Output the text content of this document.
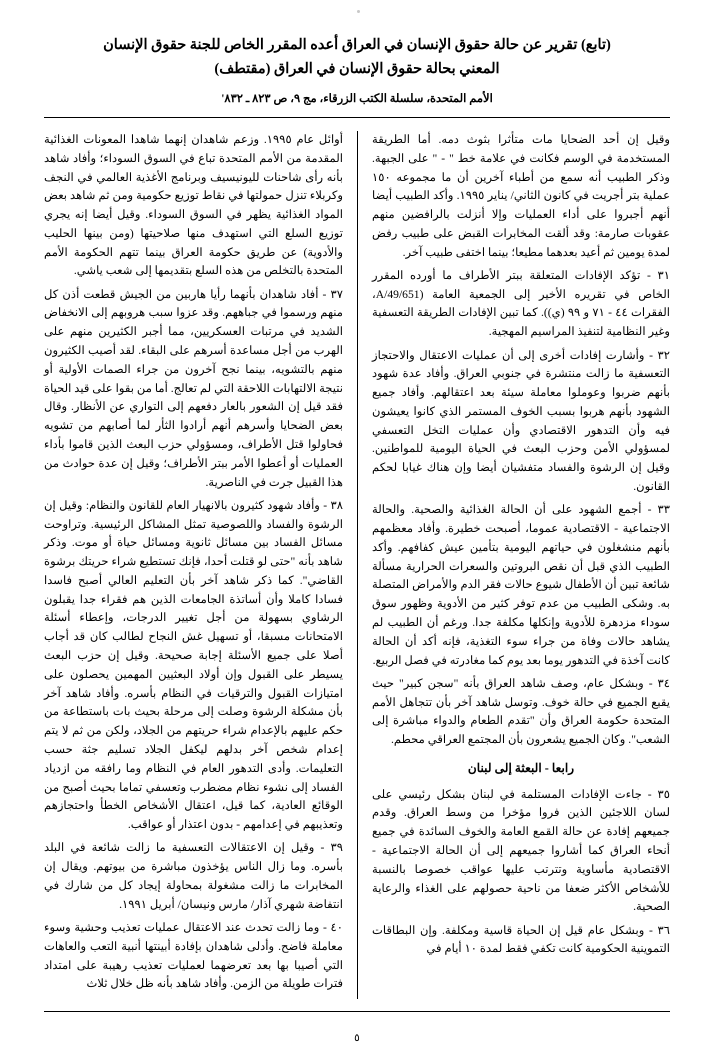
(تابع) تقرير عن حالة حقوق الإنسان في العراق أعده المقرر الخاص للجنة حقوق الإنسان
المعني بحالة حقوق الإنسان في العراق (مقتطف)
الأمم المتحدة، سلسلة الكتب الزرقاء، مج ٩، ص ٨٢٣ ـ ٨٣٢'

وقيل إن أحد الضحايا مات متأثرا بثوث دمه. أما الطريقة المستخدمة في الوسم فكانت في علامة خط " - " على الجبهة. وذكر الطبيب أنه سمع من أطباء آخرين أن ما مجموعه ١٥٠ عملية بتر أجريت في كانون الثاني/ يناير ١٩٩٥. وأكد الطبيب أيضا أنهم أجبروا على أداء العمليات وإلا أنزلت بالرافضين منهم عقوبات صارمة: وقد ألقت المخابرات القبض على طبيب رفض لمدة يومين ثم أعيد بعدهما مطيعا؛ بينما اختفى طبيب آخر.

٣١ - تؤكد الإفادات المتعلقة ببتر الأطراف ما أورده المقرر الخاص في تقريره الأخير إلى الجمعية العامة (A/49/651، الفقرات ٤٤ - ٧١ و ٩٩ (ي)). كما تبين الإفادات الطريقة التعسفية وغير النظامية لتنفيذ المراسيم المهجية.

٣٢ - وأشارت إفادات أخرى إلى أن عمليات الاعتقال والاحتجاز التعسفية ما زالت منتشرة في جنوبي العراق. وأفاد عدة شهود بأنهم ضربوا وعوملوا معاملة سيئة بعد اعتقالهم. وأفاد جميع الشهود بأنهم هربوا بسبب الخوف المستمر الذي كانوا يعيشون فيه وأن التدهور الاقتصادي وأن عمليات التخل التعسفي لمسؤولي الأمن وحزب البعث في الحياة اليومية للمواطنين. وقيل إن الرشوة والفساد متفشيان أيضا وإن هناك غيابا لحكم القانون.

٣٣ - أجمع الشهود على أن الحالة الغذائية والصحية. والحالة الاجتماعية - الاقتصادية عموما، أصبحت خطيرة. وأفاد معظمهم بأنهم منشغلون في حياتهم اليومية بتأمين عيش كفافهم. وأكد الطبيب الذي قبل أن نقص البروتين والسعرات الحرارية مسألة شائعة تبين أن الأطفال شيوع حالات فقر الدم والأمراض المتصلة به. وشكى الطبيب من عدم توفر كثير من الأدوية وظهور سوق سوداء مزدهرة للأدوية وإنكلها مكلفة جدا. ورغم أن الطبيب لم يشاهد حالات وفاة من جراء سوء التغذية، فإنه أكد أن الحالة كانت آخذة في التدهور يوما بعد يوم كما مغادرته في فصل الربيع.

٣٤ - وبشكل عام، وصف شاهد العراق بأنه "سجن كبير" حيث يقبع الجميع في حالة خوف. وتوسل شاهد آخر بأن تتجاهل الأمم المتحدة حكومة العراق وأن "تقدم الطعام والدواء مباشرة إلى الشعب". وكان الجميع يشعرون بأن المجتمع العراقي محطم.

رابعا - البعثة إلى لبنان

٣٥ - جاءت الإفادات المستلمة في لبنان بشكل رئيسي على لسان اللاجئين الذين فروا مؤخرا من وسط العراق. وقدم جميعهم إفادة عن حالة القمع العامة والخوف السائدة في جميع أنحاء العراق كما أشاروا جميعهم إلى أن الحالة الاجتماعية - الاقتصادية مأساوية وتترتب عليها عواقب خصوصا بالنسبة للأشخاص الأكثر ضعفا من ناحية حصولهم على الغذاء والرعاية الصحية.

٣٦ - وبشكل عام قيل إن الحياة قاسية ومكلفة. وإن البطاقات التموينية الحكومية كانت تكفي فقط لمدة ١٠ أيام في

أوائل عام ١٩٩٥. وزعم شاهدان إنهما شاهدا المعونات الغذائية المقدمة من الأمم المتحدة تباع في السوق السوداء؛ وأفاد شاهد بأنه رأى شاحنات لليونيسيف وبرنامج الأغذية العالمي في النجف وكربلاء تنزل حمولتها في نقاط توزيع حكومية ومن ثم شاهد بعض المواد الغذائية يظهر في السوق السوداء. وقيل أيضا إنه يجري توزيع السلع التي استهدف منها صلاحيتها (ومن بينها الحليب والأدوية) عن طريق حكومة العراق بينما تتهم الحكومة الأمم المتحدة بالتخلص من هذه السلع بتقديمها إلى شعب ياشي.

٣٧ - أفاد شاهدان بأنهما رأيا هاربين من الجيش قطعت أذن كل منهم ورسموا في جباههم. وقد عزوا سبب هروبهم إلى الانخفاض الشديد في مرتبات العسكريين، مما أجبر الكثيرين منهم على الهرب من أجل مساعدة أسرهم على البقاء. لقد أصيب الكثيرون منهم بالتشويه، بينما نجح آخرون من جراء الصمات الأولية أو نتيجة الالتهابات اللاحقة التي لم تعالج. أما من بقوا على قيد الحياة فقد قيل إن الشعور بالعار دفعهم إلى التواري عن الأنظار. وقال بعض الضحايا وأسرهم أنهم أرادوا الثأر لما أصابهم من تشويه فحاولوا قتل الأطراف، ومسؤولي حزب البعث الذين قاموا بأداء العمليات أو أعطوا الأمر ببتر الأطراف؛ وقيل إن عدة حوادث من هذا القبيل جرت في الناصرية.

٣٨ - وأفاد شهود كثيرون بالانهيار العام للقانون والنظام: وقيل إن الرشوة والفساد واللصوصية تمثل المشاكل الرئيسية. وتراوحت مسائل الفساد بين مسائل ثانوية ومسائل حياة أو موت. وذكر شاهد بأنه "حتى لو قتلت أحدا، فإنك تستطيع شراء حريتك برشوة القاضي". كما ذكر شاهد آخر بأن التعليم العالي أصبح فاسدا فسادا كاملا وأن أساتذة الجامعات الذين هم فقراء جدا يقبلون الرشاوي بسهولة من أجل تغيير الدرجات، وإعطاء أسئلة الامتحانات مسبقا، أو تسهيل غش النجاح لطالب كان قد أجاب أصلا على جميع الأسئلة إجابة صحيحة. وقيل إن حزب البعث يسيطر على القبول وإن أولاد البعثيين المهمين يحصلون على امتيازات القبول والترقيات في النظام بأسره. وأفاد شاهد آخر بأن مشكلة الرشوة وصلت إلى مرحلة بحيث بات باستطاعة من حكم عليهم بالإعدام شراء حريتهم من الجلاد، ولكن من ثم لا يتم إعدام شخص آخر بدلهم ليكفل الجلاد تسليم جثة حسب التعليمات. وأدى التدهور العام في النظام وما رافقه من ازدياد الفساد إلى نشوء نظام مضطرب وتعسفي تماما بحيث أصبح من الوقائع العادية، كما قيل، اعتقال الأشخاص الخطأ واحتجازهم وتعذيبهم في إعدامهم - بدون اعتذار أو عواقب.

٣٩ - وقيل إن الاعتقالات التعسفية ما زالت شائعة في البلد بأسره. وما زال الناس يؤخذون مباشرة من بيوتهم. ويقال إن المخابرات ما زالت مشغولة بمحاولة إيجاد كل من شارك في انتفاضة شهري آذار/ مارس ونيسان/ أبريل ١٩٩١.

٤٠ - وما زالت تحدث عند الاعتقال عمليات تعذيب وحشية وسوء معاملة فاضح. وأدلى شاهدان بإفادة أبينتها أنبية التعب والعاهات التي أصيبا بها بعد تعرضهما لعمليات تعذيب رهيبة على امتداد فترات طويلة من الزمن. وأفاد شاهد بأنه ظل خلال ثلاث

٥
